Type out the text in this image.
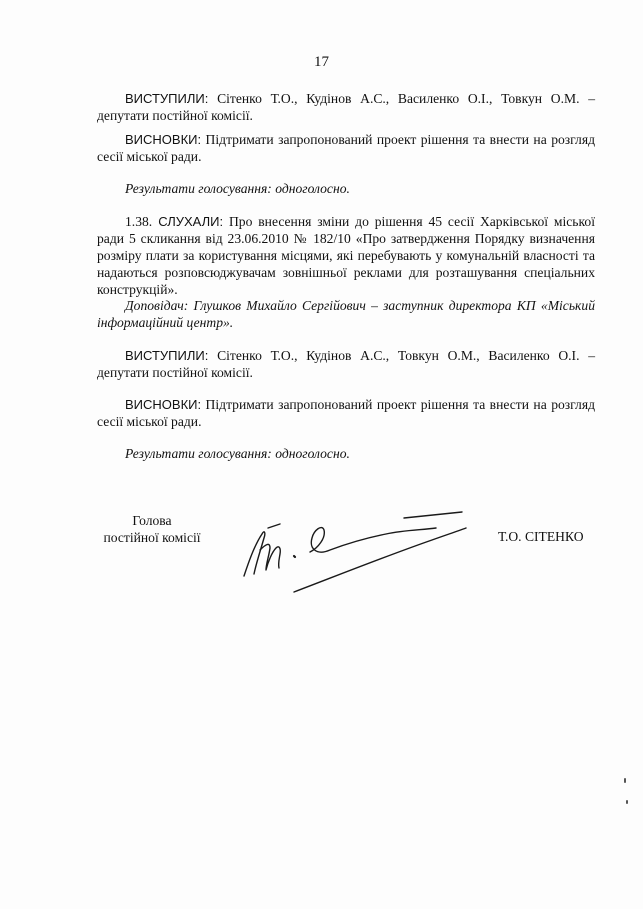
17
ВИСТУПИЛИ: Сітенко Т.О., Кудінов А.С., Василенко О.І., Товкун О.М. – депутати постійної комісії.
ВИСНОВКИ: Підтримати запропонований проект рішення та внести на розгляд сесії міської ради.
Результати голосування: одноголосно.
1.38. СЛУХАЛИ: Про внесення зміни до рішення 45 сесії Харківської міської ради 5 скликання від 23.06.2010 № 182/10 «Про затвердження Порядку визначення розміру плати за користування місцями, які перебувають у комунальній власності та надаються розповсюджувачам зовнішньої реклами для розташування спеціальних конструкцій».
Доповідач: Глушков Михайло Сергійович – заступник директора КП «Міський інформаційний центр».
ВИСТУПИЛИ: Сітенко Т.О., Кудінов А.С., Товкун О.М., Василенко О.І. – депутати постійної комісії.
ВИСНОВКИ: Підтримати запропонований проект рішення та внести на розгляд сесії міської ради.
Результати голосування: одноголосно.
Голова
постійної комісії	Т.О. СІТЕНКО
